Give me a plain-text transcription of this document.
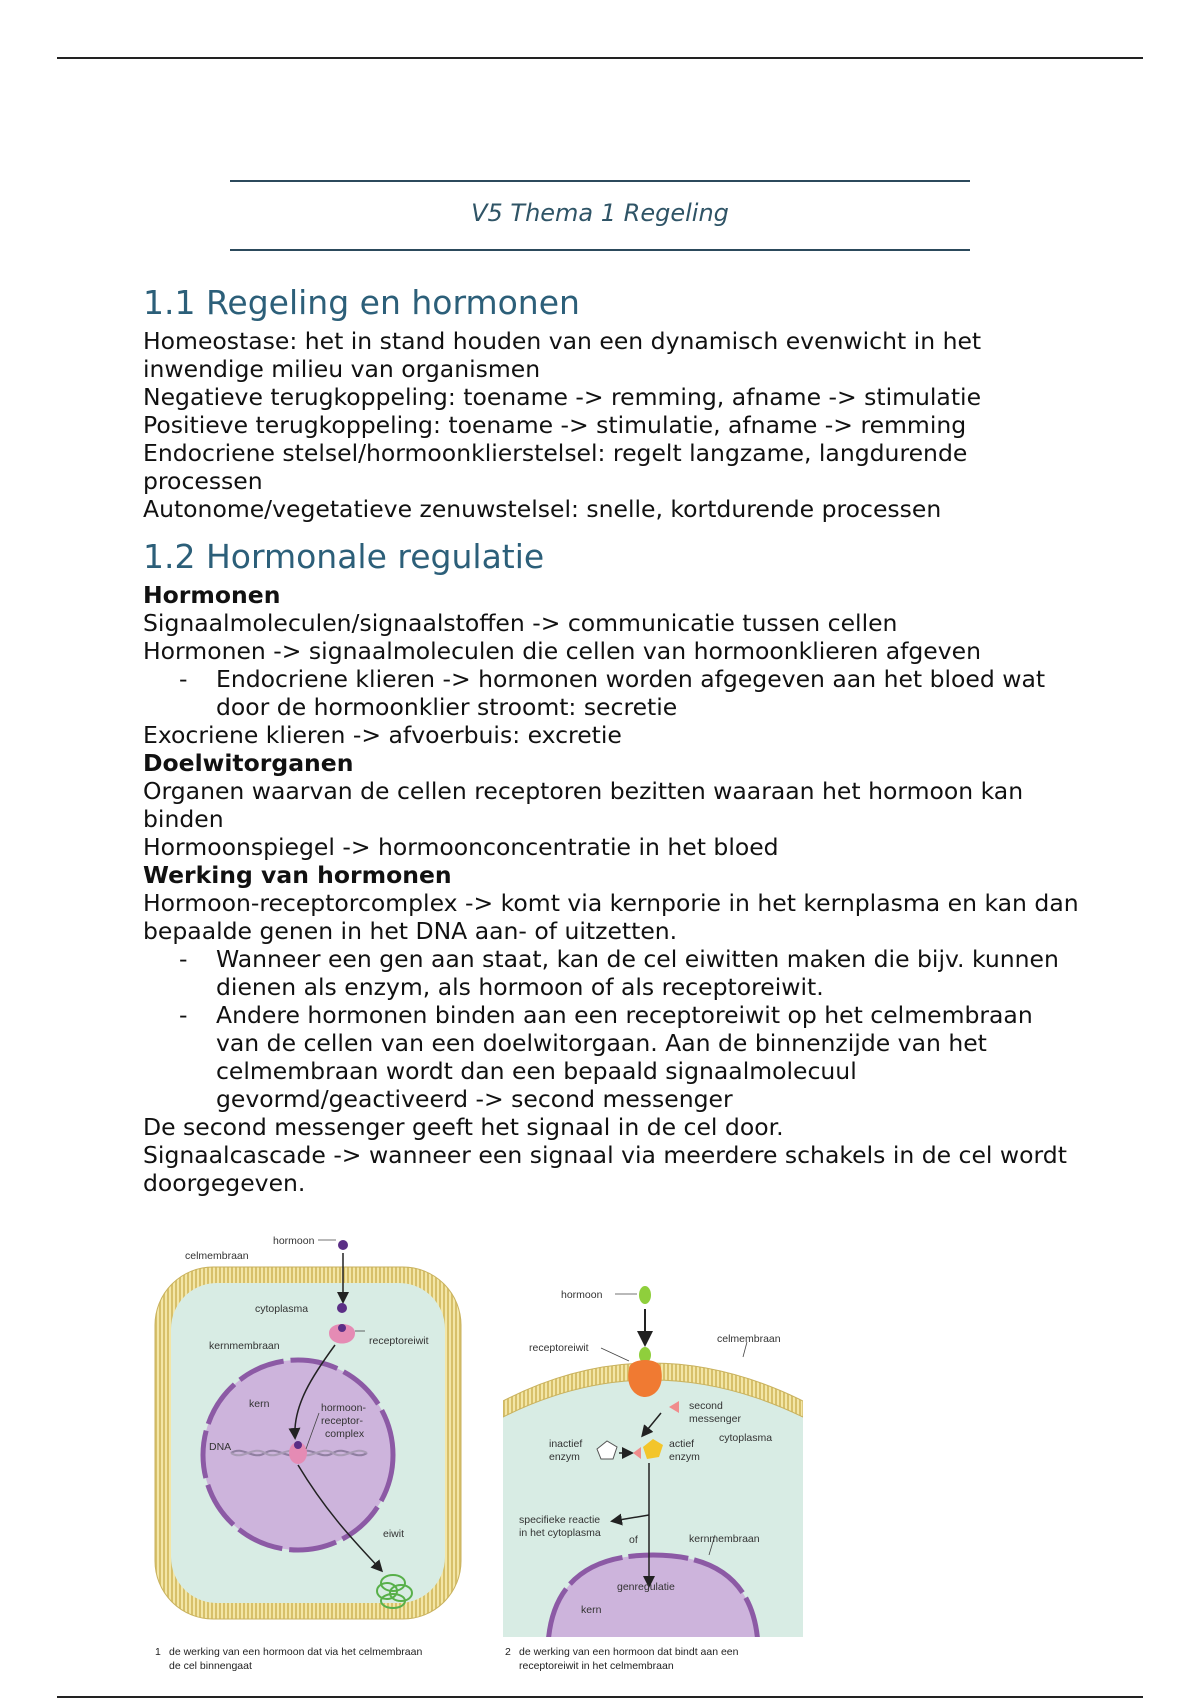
V5 Thema 1 Regeling
1.1 Regeling en hormonen

Homeostase: het in stand houden van een dynamisch evenwicht in het inwendige milieu van organismen

Negatieve terugkoppeling: toename -> remming, afname -> stimulatie

Positieve terugkoppeling: toename -> stimulatie, afname -> remming

Endocriene stelsel/hormoonklierstelsel: regelt langzame, langdurende processen

Autonome/vegetatieve zenuwstelsel: snelle, kortdurende processen

1.2 Hormonale regulatie

Hormonen

Signaalmoleculen/signaalstoffen -> communicatie tussen cellen

Hormonen -> signaalmoleculen die cellen van hormoonklieren afgeven

- Endocriene klieren -> hormonen worden afgegeven aan het bloed wat door de hormoonklier stroomt: secretie

Exocriene klieren -> afvoerbuis: excretie

Doelwitorganen

Organen waarvan de cellen receptoren bezitten waaraan het hormoon kan binden

Hormoonspiegel -> hormoonconcentratie in het bloed

Werking van hormonen

Hormoon-receptorcomplex -> komt via kernporie in het kernplasma en kan dan bepaalde genen in het DNA aan- of uitzetten.

- Wanneer een gen aan staat, kan de cel eiwitten maken die bijv. kunnen dienen als enzym, als hormoon of als receptoreiwit.
- Andere hormonen binden aan een receptoreiwit op het celmembraan van de cellen van een doelwitorgaan. Aan de binnenzijde van het celmembraan wordt dan een bepaald signaalmolecuul gevormd/geactiveerd -> second messenger

De second messenger geeft het signaal in de cel door.

Signaalcascade -> wanneer een signaal via meerdere schakels in de cel wordt doorgegeven.

hormoon
celmembraan
cytoplasma
receptoreiwit
kernmembraan
kern	hormoon-
receptor-
complex
DNA
eiwit
1 de werking van een hormoon dat via het celmembraan
de cel binnengaat
hormoon
receptoreiwit
celmembraan
second
messenger
cytoplasma
inactief
enzym
actief
enzym
specifieke reactie
in het cytoplasma
of	kernmembraan
genregulatie
kern
2 de werking van een hormoon dat bindt aan een
receptoreiwit in het celmembraan
